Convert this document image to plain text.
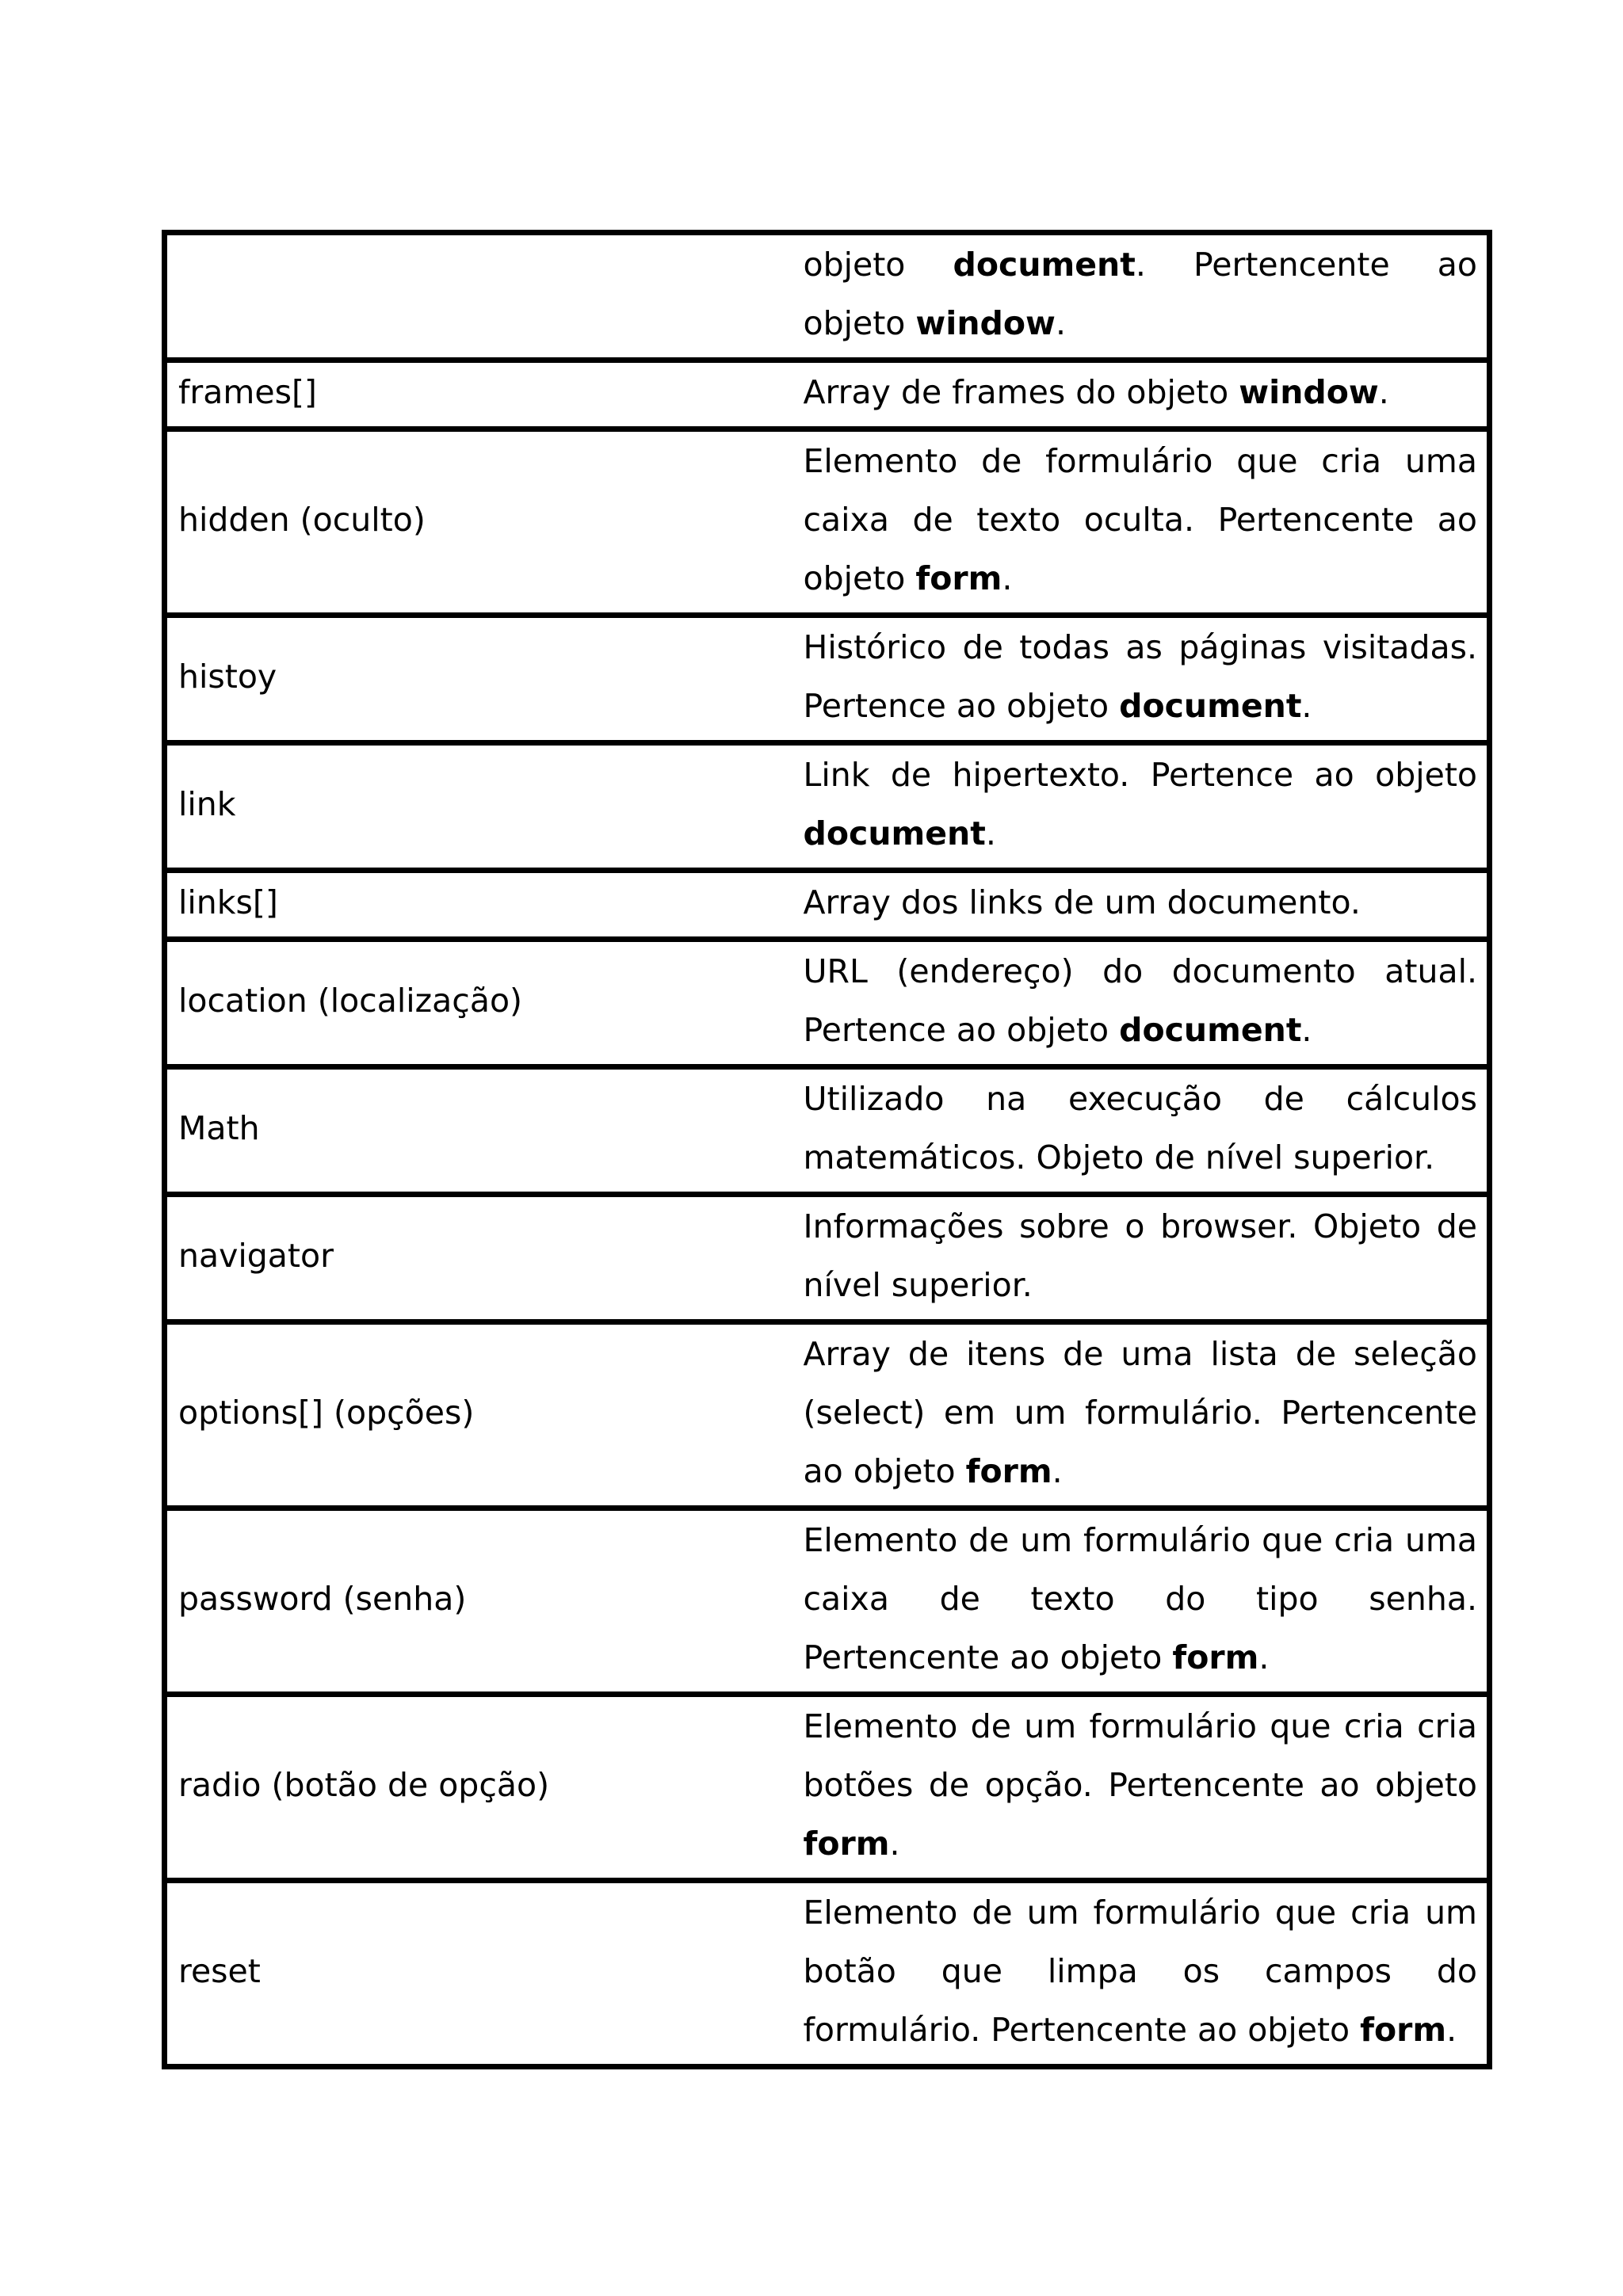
	objeto document. Pertencente ao objeto window.
frames[]	Array de frames do objeto window.
hidden (oculto)	Elemento de formulário que cria uma caixa de texto oculta. Pertencente ao objeto form.
histoy	Histórico de todas as páginas visitadas. Pertence ao objeto document.
link	Link de hipertexto. Pertence ao objeto document.
links[]	Array dos links de um documento.
location (localização)	URL (endereço) do documento atual. Pertence ao objeto document.
Math	Utilizado na execução de cálculos matemáticos. Objeto de nível superior.
navigator	Informações sobre o browser. Objeto de nível superior.
options[] (opções)	Array de itens de uma lista de seleção (select) em um formulário. Pertencente ao objeto form.
password (senha)	Elemento de um formulário que cria uma caixa de texto do tipo senha. Pertencente ao objeto form.
radio (botão de opção)	Elemento de um formulário que cria cria botões de opção. Pertencente ao objeto form.
reset	Elemento de um formulário que cria um botão que limpa os campos do formulário. Pertencente ao objeto form.
